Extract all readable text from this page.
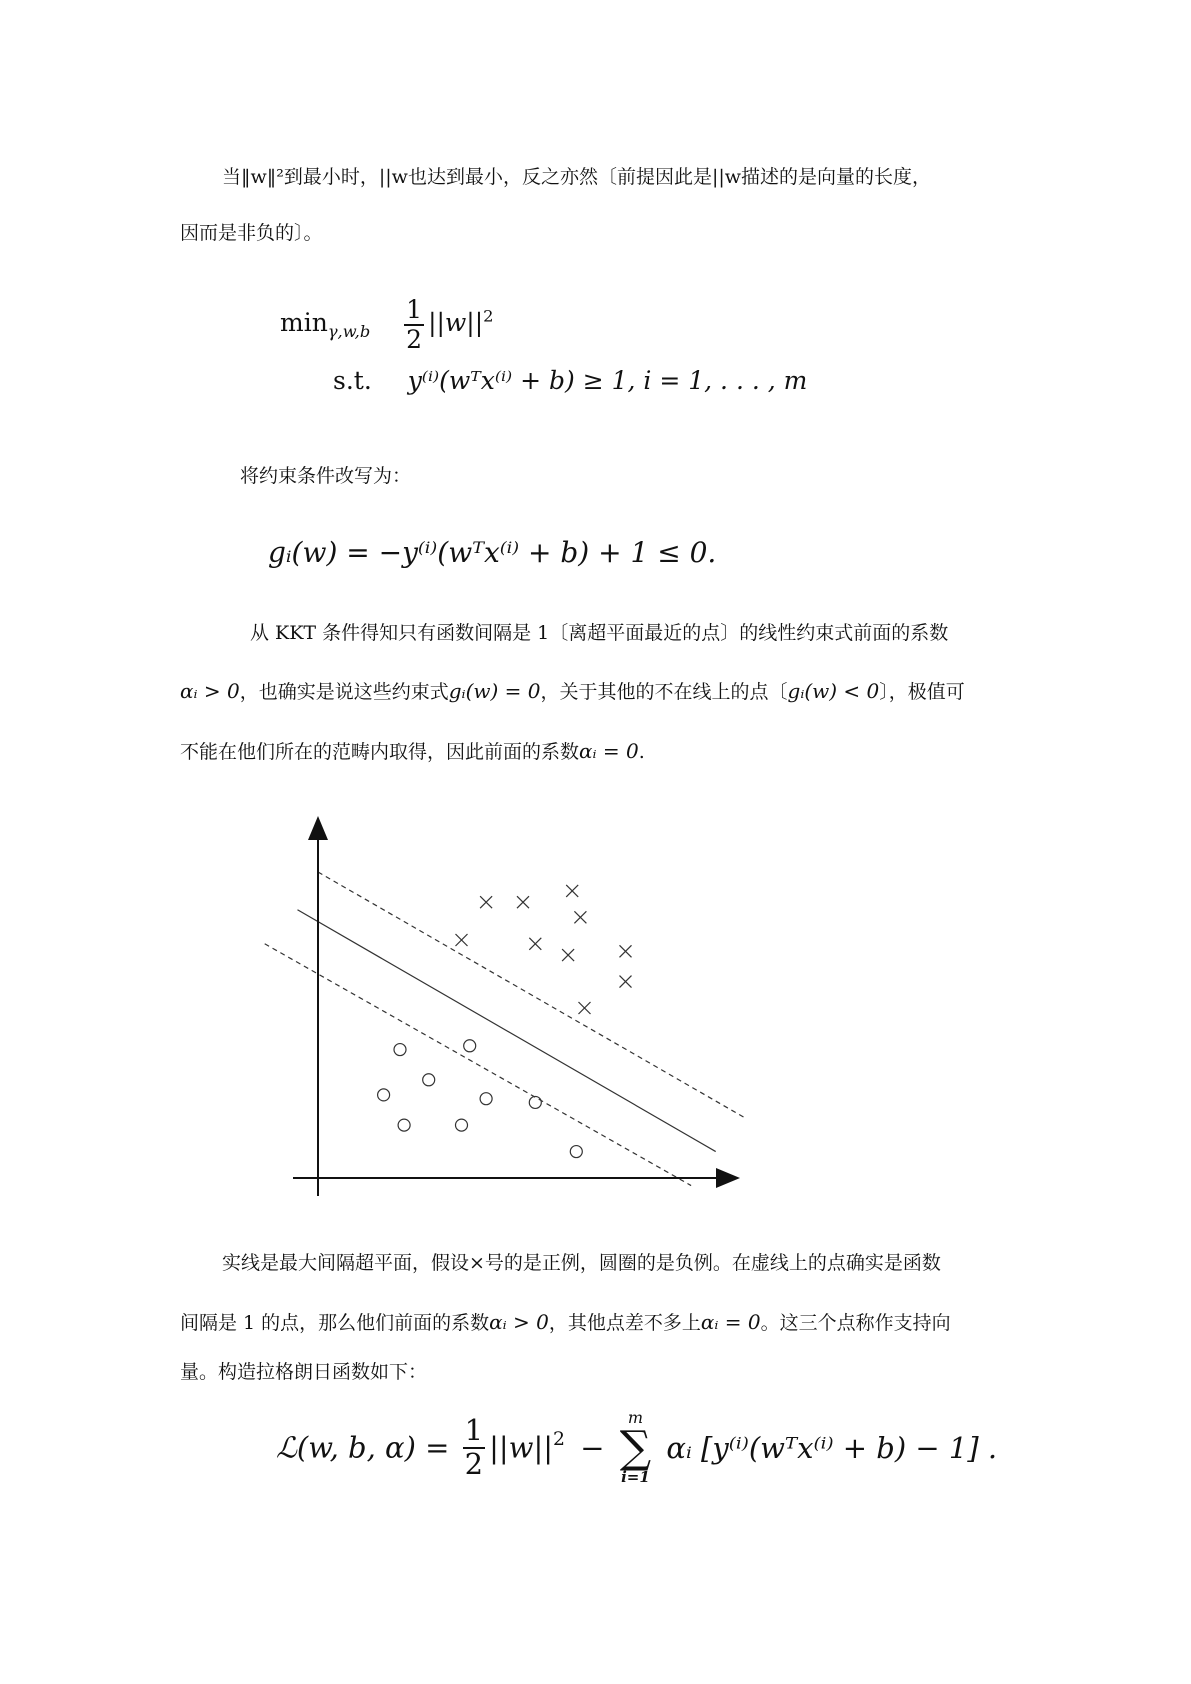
当‖w‖²到最小时，||w也达到最小，反之亦然〔前提因此是||w描述的是向量的长度，
因而是非负的〕。
$\min_{\gamma,w,b} \frac{1}{2} ||w||^2$
s.t. y⁽ⁱ⁾(wᵀx⁽ⁱ⁾ + b) ≥ 1, i = 1, . . . , m
将约束条件改写为：
gᵢ(w) = −y⁽ⁱ⁾(wᵀx⁽ⁱ⁾ + b) + 1 ≤ 0.
从 KKT 条件得知只有函数间隔是 1〔离超平面最近的点〕的线性约束式前面的系数
αᵢ > 0，也确实是说这些约束式gᵢ(w) = 0，关于其他的不在线上的点〔gᵢ(w) < 0〕，极值可
不能在他们所在的范畴内取得，因此前面的系数αᵢ = 0.
实线是最大间隔超平面，假设×号的是正例，圆圈的是负例。在虚线上的点确实是函数
间隔是 1 的点，那么他们前面的系数αᵢ > 0，其他点差不多上αᵢ = 0。这三个点称作支持向
量。构造拉格朗日函数如下：
ℒ(w, b, $\alpha) = \frac{1}{2} ||w||^2$ −
m
∑
i=1
αᵢ [y⁽ⁱ⁾(wᵀx⁽ⁱ⁾ + b) − 1] .
